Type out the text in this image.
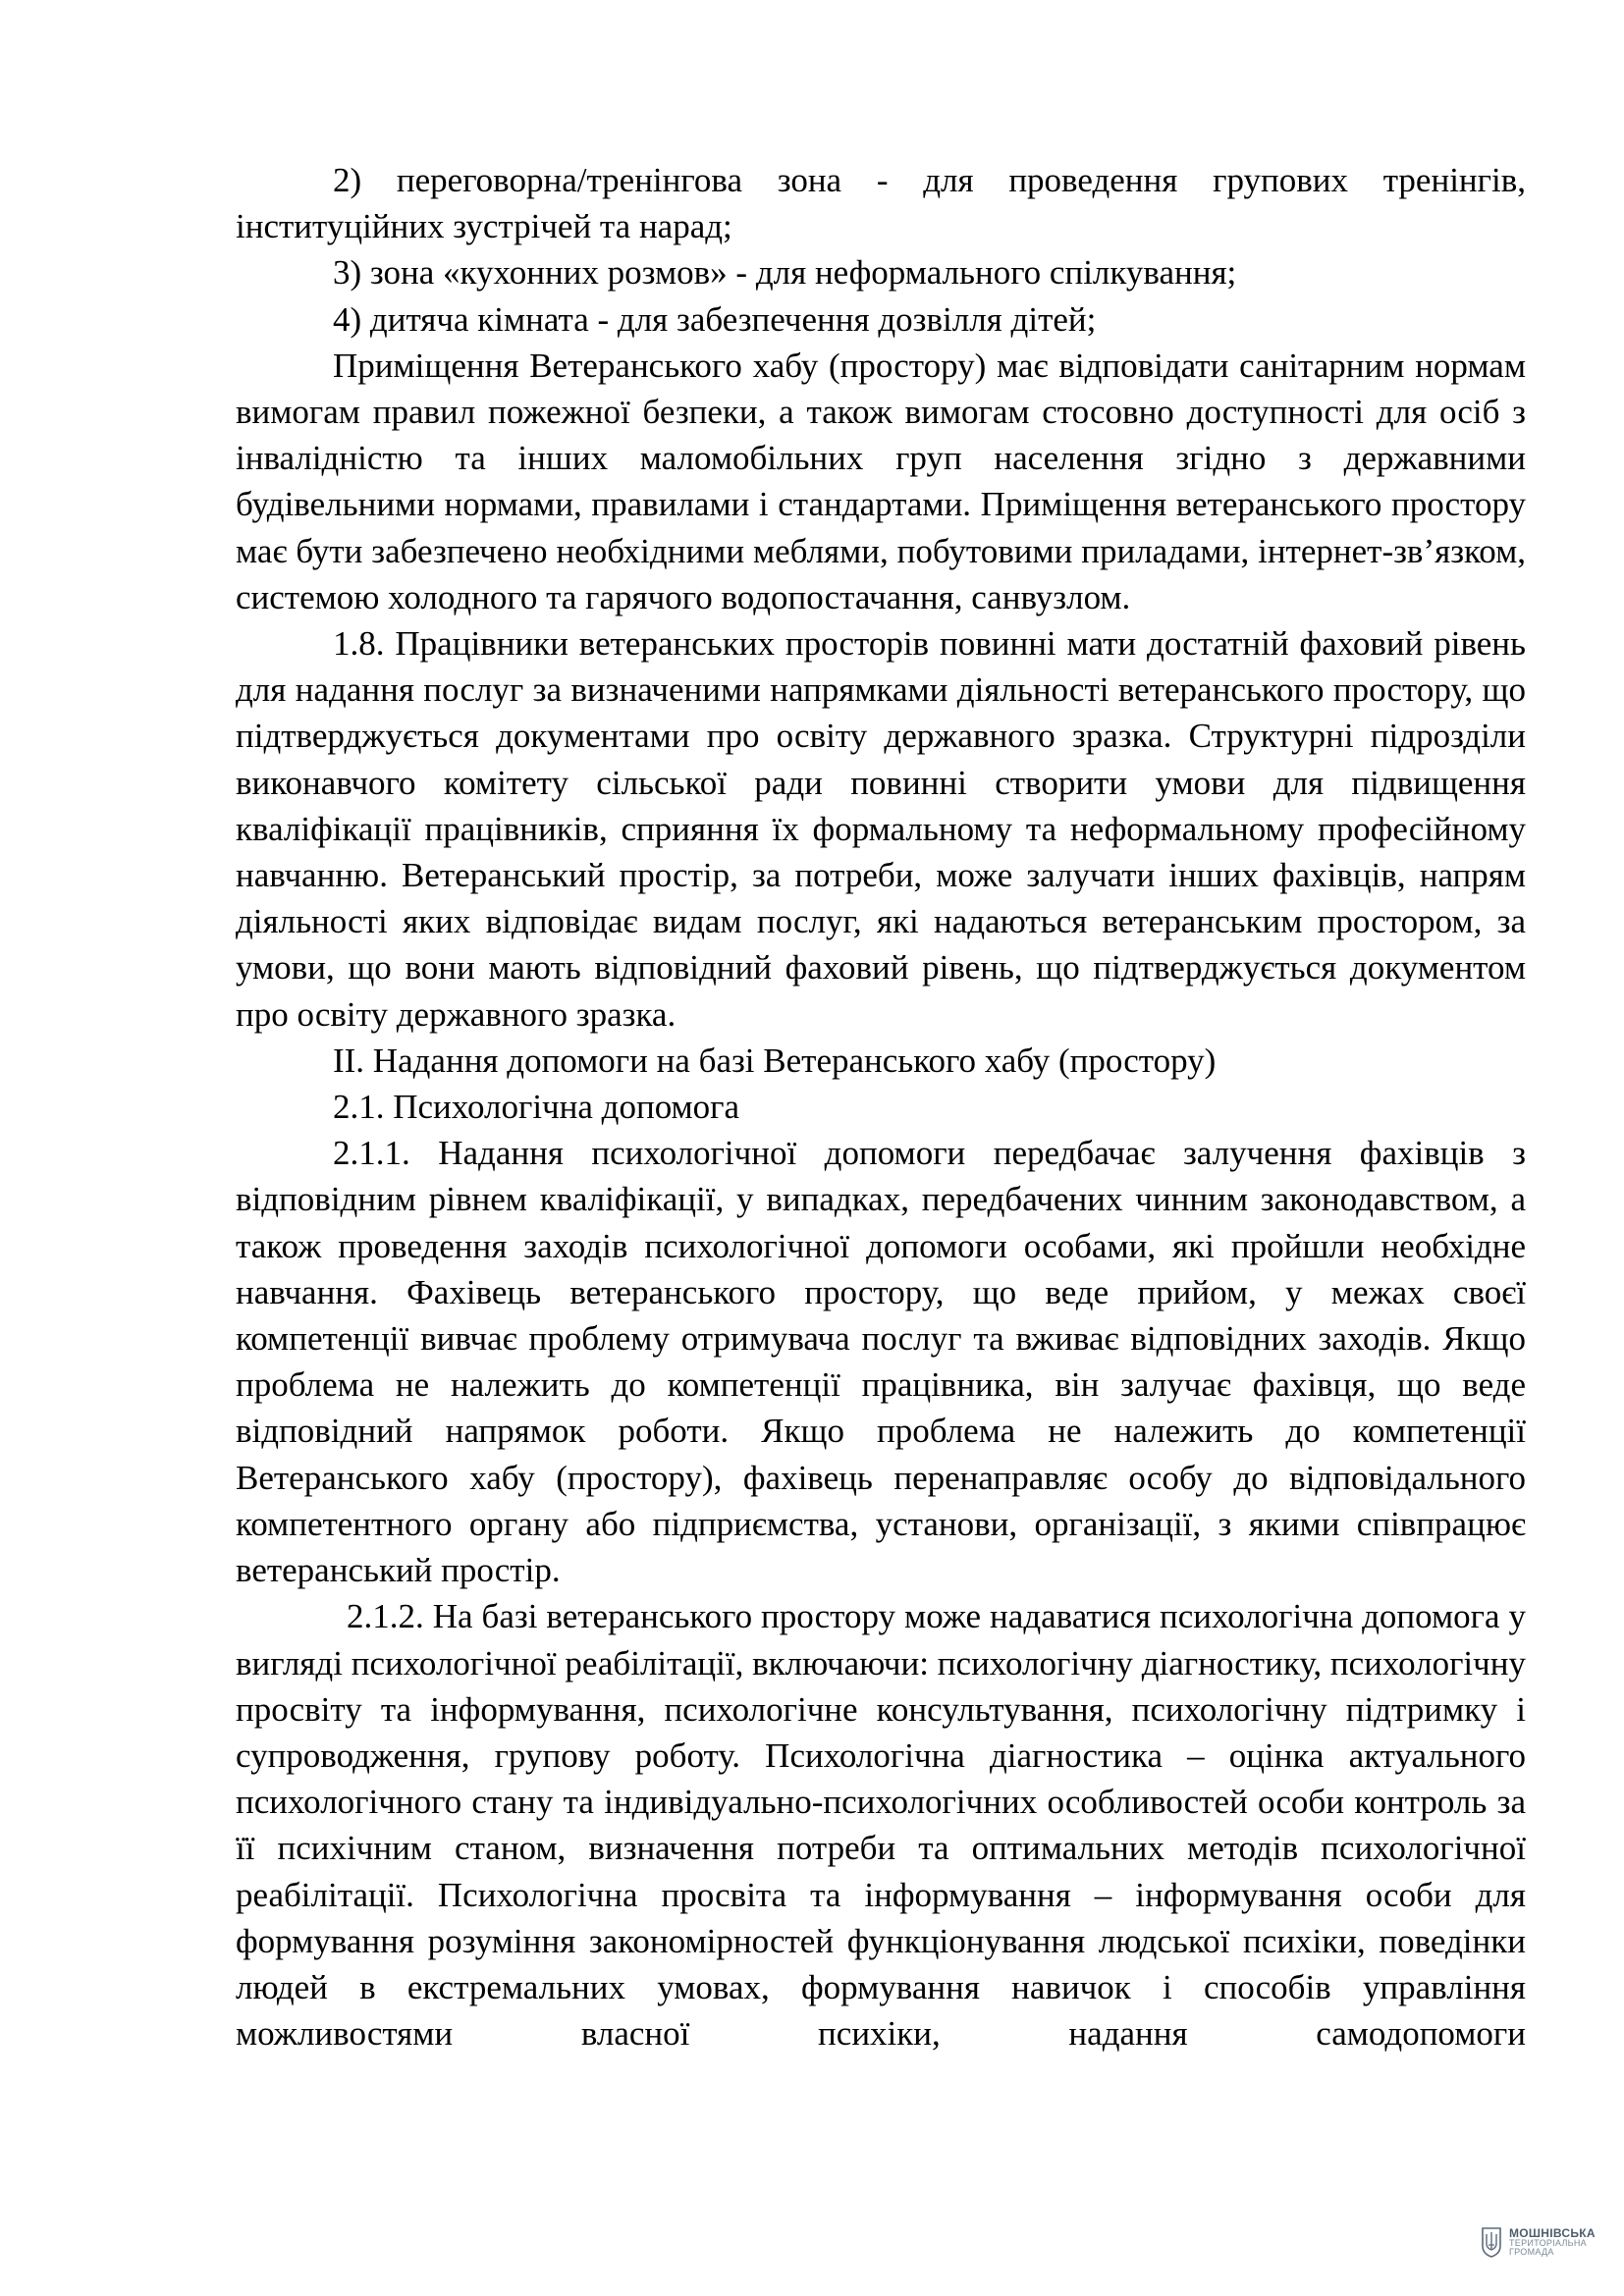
2) переговорна/тренінгова зона - для проведення групових тренінгів, інституційних зустрічей та нарад;

3) зона «кухонних розмов» - для неформального спілкування;

4) дитяча кімната - для забезпечення дозвілля дітей;

Приміщення Ветеранського хабу (простору) має відповідати санітарним нормам вимогам правил пожежної безпеки, а також вимогам стосовно доступності для осіб з інвалідністю та інших маломобільних груп населення згідно з державними будівельними нормами, правилами і стандартами. Приміщення ветеранського простору має бути забезпечено необхідними меблями, побутовими приладами, інтернет-зв’язком, системою холодного та гарячого водопостачання, санвузлом.

1.8. Працівники ветеранських просторів повинні мати достатній фаховий рівень для надання послуг за визначеними напрямками діяльності ветеранського простору, що підтверджується документами про освіту державного зразка. Структурні підрозділи виконавчого комітету сільської ради повинні створити умови для підвищення кваліфікації працівників, сприяння їх формальному та неформальному професійному навчанню. Ветеранський простір, за потреби, може залучати інших фахівців, напрям діяльності яких відповідає видам послуг, які надаються ветеранським простором, за умови, що вони мають відповідний фаховий рівень, що підтверджується документом про освіту державного зразка.

II. Надання допомоги на базі Ветеранського хабу (простору)

2.1. Психологічна допомога

2.1.1. Надання психологічної допомоги передбачає залучення фахівців з відповідним рівнем кваліфікації, у випадках, передбачених чинним законодавством, а також проведення заходів психологічної допомоги особами, які пройшли необхідне навчання. Фахівець ветеранського простору, що веде прийом, у межах своєї компетенції вивчає проблему отримувача послуг та вживає відповідних заходів. Якщо проблема не належить до компетенції працівника, він залучає фахівця, що веде відповідний напрямок роботи. Якщо проблема не належить до компетенції Ветеранського хабу (простору), фахівець перенаправляє особу до відповідального компетентного органу або підприємства, установи, організації, з якими співпрацює ветеранський простір.

2.1.2. На базі ветеранського простору може надаватися психологічна допомога у вигляді психологічної реабілітації, включаючи: психологічну діагностику, психологічну просвіту та інформування, психологічне консультування, психологічну підтримку і супроводження, групову роботу. Психологічна діагностика – оцінка актуального психологічного стану та індивідуально-психологічних особливостей особи контроль за її психічним станом, визначення потреби та оптимальних методів психологічної реабілітації. Психологічна просвіта та інформування – інформування особи для формування розуміння закономірностей функціонування людської психіки, поведінки людей в екстремальних умовах, формування навичок і способів управління можливостями власної психіки, надання самодопомоги

МОШНІВСЬКА
ТЕРИТОРІАЛЬНА
ГРОМАДА
